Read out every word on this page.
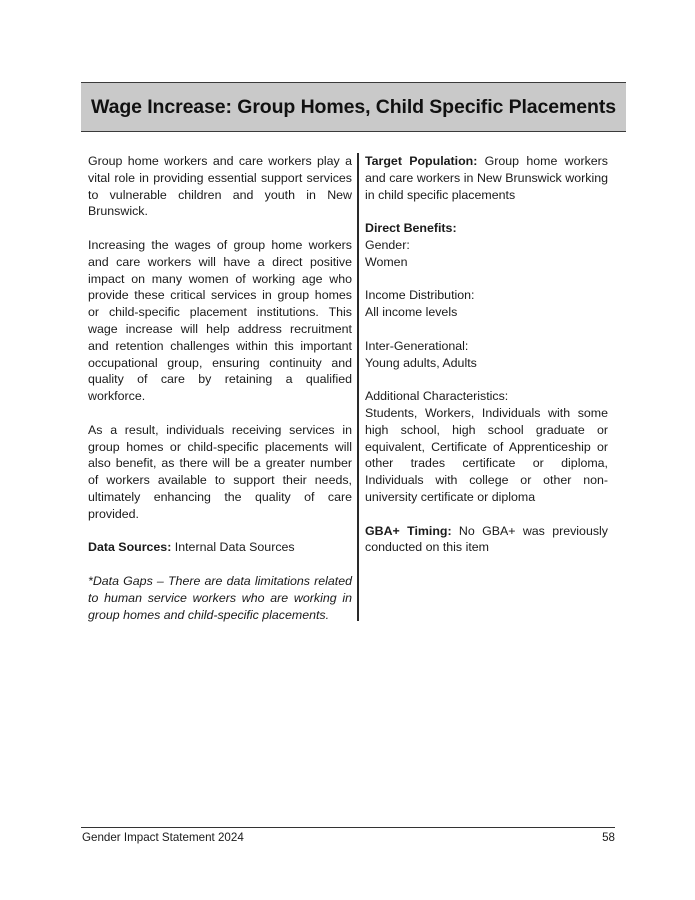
Wage Increase: Group Homes, Child Specific Placements

Group home workers and care workers play a vital role in providing essential support services to vulnerable children and youth in New Brunswick.

Increasing the wages of group home workers and care workers will have a direct positive impact on many women of working age who provide these critical services in group homes or child-specific placement institutions. This wage increase will help address recruitment and retention challenges within this important occupational group, ensuring continuity and quality of care by retaining a qualified workforce.

As a result, individuals receiving services in group homes or child-specific placements will also benefit, as there will be a greater number of workers available to support their needs, ultimately enhancing the quality of care provided.

Data Sources: Internal Data Sources

*Data Gaps – There are data limitations related to human service workers who are working in group homes and child-specific placements.

Target Population: Group home workers and care workers in New Brunswick working in child specific placements

Direct Benefits:
Gender:
Women
Income Distribution:
All income levels
Inter-Generational:
Young adults, Adults
Additional Characteristics:
Students, Workers, Individuals with some high school, high school graduate or equivalent, Certificate of Apprenticeship or other trades certificate or diploma, Individuals with college or other non-university certificate or diploma

GBA+ Timing: No GBA+ was previously conducted on this item

Gender Impact Statement 2024	58
